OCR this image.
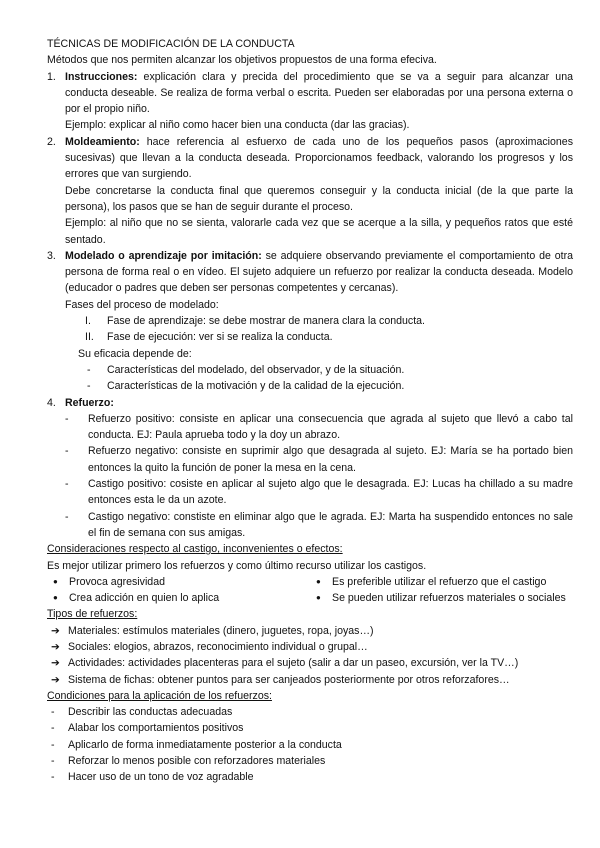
TÉCNICAS DE MODIFICACIÓN DE LA CONDUCTA

Métodos que nos permiten alcanzar los objetivos propuestos de una forma efeciva.

1. Instrucciones: explicación clara y precida del procedimiento que se va a seguir para alcanzar una conducta deseable. Se realiza de forma verbal o escrita. Pueden ser elaboradas por una persona externa o por el propio niño.

Ejemplo: explicar al niño como hacer bien una conducta (dar las gracias).

2. Moldeamiento: hace referencia al esfuerxo de cada uno de los pequeños pasos (aproximaciones sucesivas) que llevan a la conducta deseada. Proporcionamos feedback, valorando los progresos y los errores que van surgiendo.

Debe concretarse la conducta final que queremos conseguir y la conducta inicial (de la que parte la persona), los pasos que se han de seguir durante el proceso.

Ejemplo: al niño que no se sienta, valorarle cada vez que se acerque a la silla, y pequeños ratos que esté sentado.

3. Modelado o aprendizaje por imitación: se adquiere observando previamente el comportamiento de otra persona de forma real o en vídeo. El sujeto adquiere un refuerzo por realizar la conducta deseada. Modelo (educador o padres que deben ser personas competentes y cercanas).

Fases del proceso de modelado:

I. Fase de aprendizaje: se debe mostrar de manera clara la conducta.
II. Fase de ejecución: ver si se realiza la conducta.

Su eficacia depende de:

- Características del modelado, del observador, y de la situación.
- Características de la motivación y de la calidad de la ejecución.
4. Refuerzo:

- Refuerzo positivo: consiste en aplicar una consecuencia que agrada al sujeto que llevó a cabo tal conducta. EJ: Paula aprueba todo y la doy un abrazo.
- Refuerzo negativo: consiste en suprimir algo que desagrada al sujeto. EJ: María se ha portado bien entonces la quito la función de poner la mesa en la cena.
- Castigo positivo: cosiste en aplicar al sujeto algo que le desagrada. EJ: Lucas ha chillado a su madre entonces esta le da un azote.
- Castigo negativo: constiste en eliminar algo que le agrada. EJ: Marta ha suspendido entonces no sale el fin de semana con sus amigas.

Consideraciones respecto al castigo, inconvenientes o efectos:

Es mejor utilizar primero los refuerzos y como último recurso utilizar los castigos.

● Provoca agresividad
● Crea adicción en quien lo aplica
● Es preferible utilizar el refuerzo que el castigo
● Se pueden utilizar refuerzos materiales o sociales

Tipos de refuerzos:

➔ Materiales: estímulos materiales (dinero, juguetes, ropa, joyas…)
➔ Sociales: elogios, abrazos, reconocimiento individual o grupal…
➔ Actividades: actividades placenteras para el sujeto (salir a dar un paseo, excursión, ver la TV…)
➔ Sistema de fichas: obtener puntos para ser canjeados posteriormente por otros reforzafores…

Condiciones para la aplicación de los refuerzos:

- Describir las conductas adecuadas
- Alabar los comportamientos positivos
- Aplicarlo de forma inmediatamente posterior a la conducta
- Reforzar lo menos posible con reforzadores materiales
- Hacer uso de un tono de voz agradable
